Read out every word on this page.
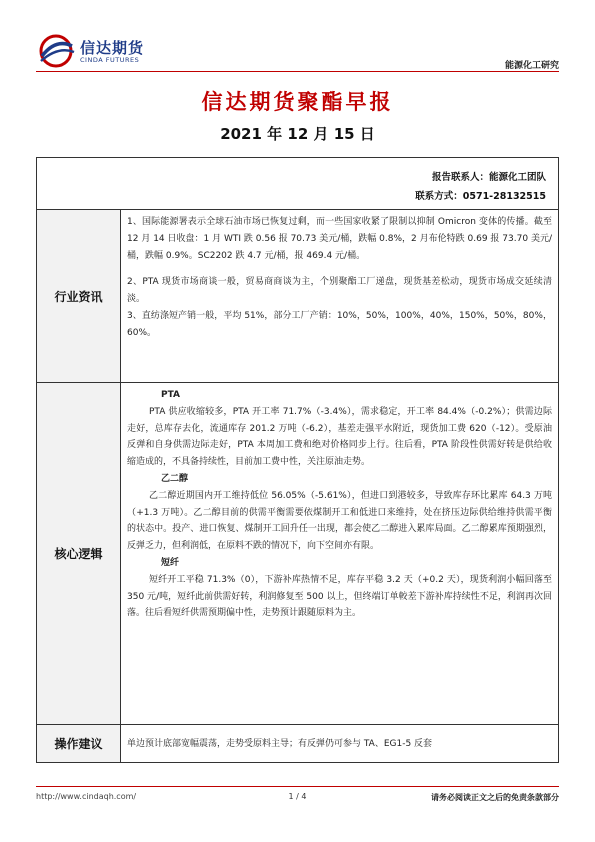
信达期货
CINDA FUTURES
能源化工研究
信达期货聚酯早报
2021 年 12 月 15 日
报告联系人：能源化工团队
联系方式：0571-28132515
行业资讯

1、国际能源署表示全球石油市场已恢复过剩，而一些国家收紧了限制以抑制 Omicron 变体的传播。截至 12 月 14 日收盘：1 月 WTI 跌 0.56 报 70.73 美元/桶，跌幅 0.8%，2 月布伦特跌 0.69 报 73.70 美元/桶，跌幅 0.9%。SC2202 跌 4.7 元/桶，报 469.4 元/桶。

2、PTA 现货市场商谈一般，贸易商商谈为主，个别聚酯工厂递盘，现货基差松动，现货市场成交延续清淡。

3、直纺涤短产销一般，平均 51%，部分工厂产销：10%，50%，100%，40%，150%，50%，80%，60%。

核心逻辑

PTA

PTA 供应收缩较多，PTA 开工率 71.7%（-3.4%），需求稳定，开工率 84.4%（-0.2%）；供需边际走好，总库存去化，流通库存 201.2 万吨（-6.2），基差走强平水附近，现货加工费 620（-12）。受原油反弹和自身供需边际走好，PTA 本周加工费和绝对价格同步上行。往后看，PTA 阶段性供需好转是供给收缩造成的，不具备持续性，目前加工费中性，关注原油走势。

乙二醇

乙二醇近期国内开工维持低位 56.05%（-5.61%），但进口到港较多，导致库存环比累库 64.3 万吨（+1.3 万吨）。乙二醇目前的供需平衡需要依煤制开工和低进口来维持，处在挤压边际供给维持供需平衡的状态中。投产、进口恢复、煤制开工回升任一出现，都会使乙二醇进入累库局面。乙二醇累库预期强烈，反弹乏力，但利润低，在原料不跌的情况下，向下空间亦有限。

短纤

短纤开工平稳 71.3%（0），下游补库热情不足，库存平稳 3.2 天（+0.2 天），现货利润小幅回落至 350 元/吨，短纤此前供需好转，利润修复至 500 以上，但终端订单較差下游补库持续性不足，利润再次回落。往后看短纤供需预期偏中性，走势预计跟随原料为主。

操作建议	单边预计底部宽幅震荡，走势受原料主导；有反弹仍可参与 TA、EG1-5 反套

http://www.cindaqh.com/	1 / 4	请务必阅读正文之后的免责条款部分
